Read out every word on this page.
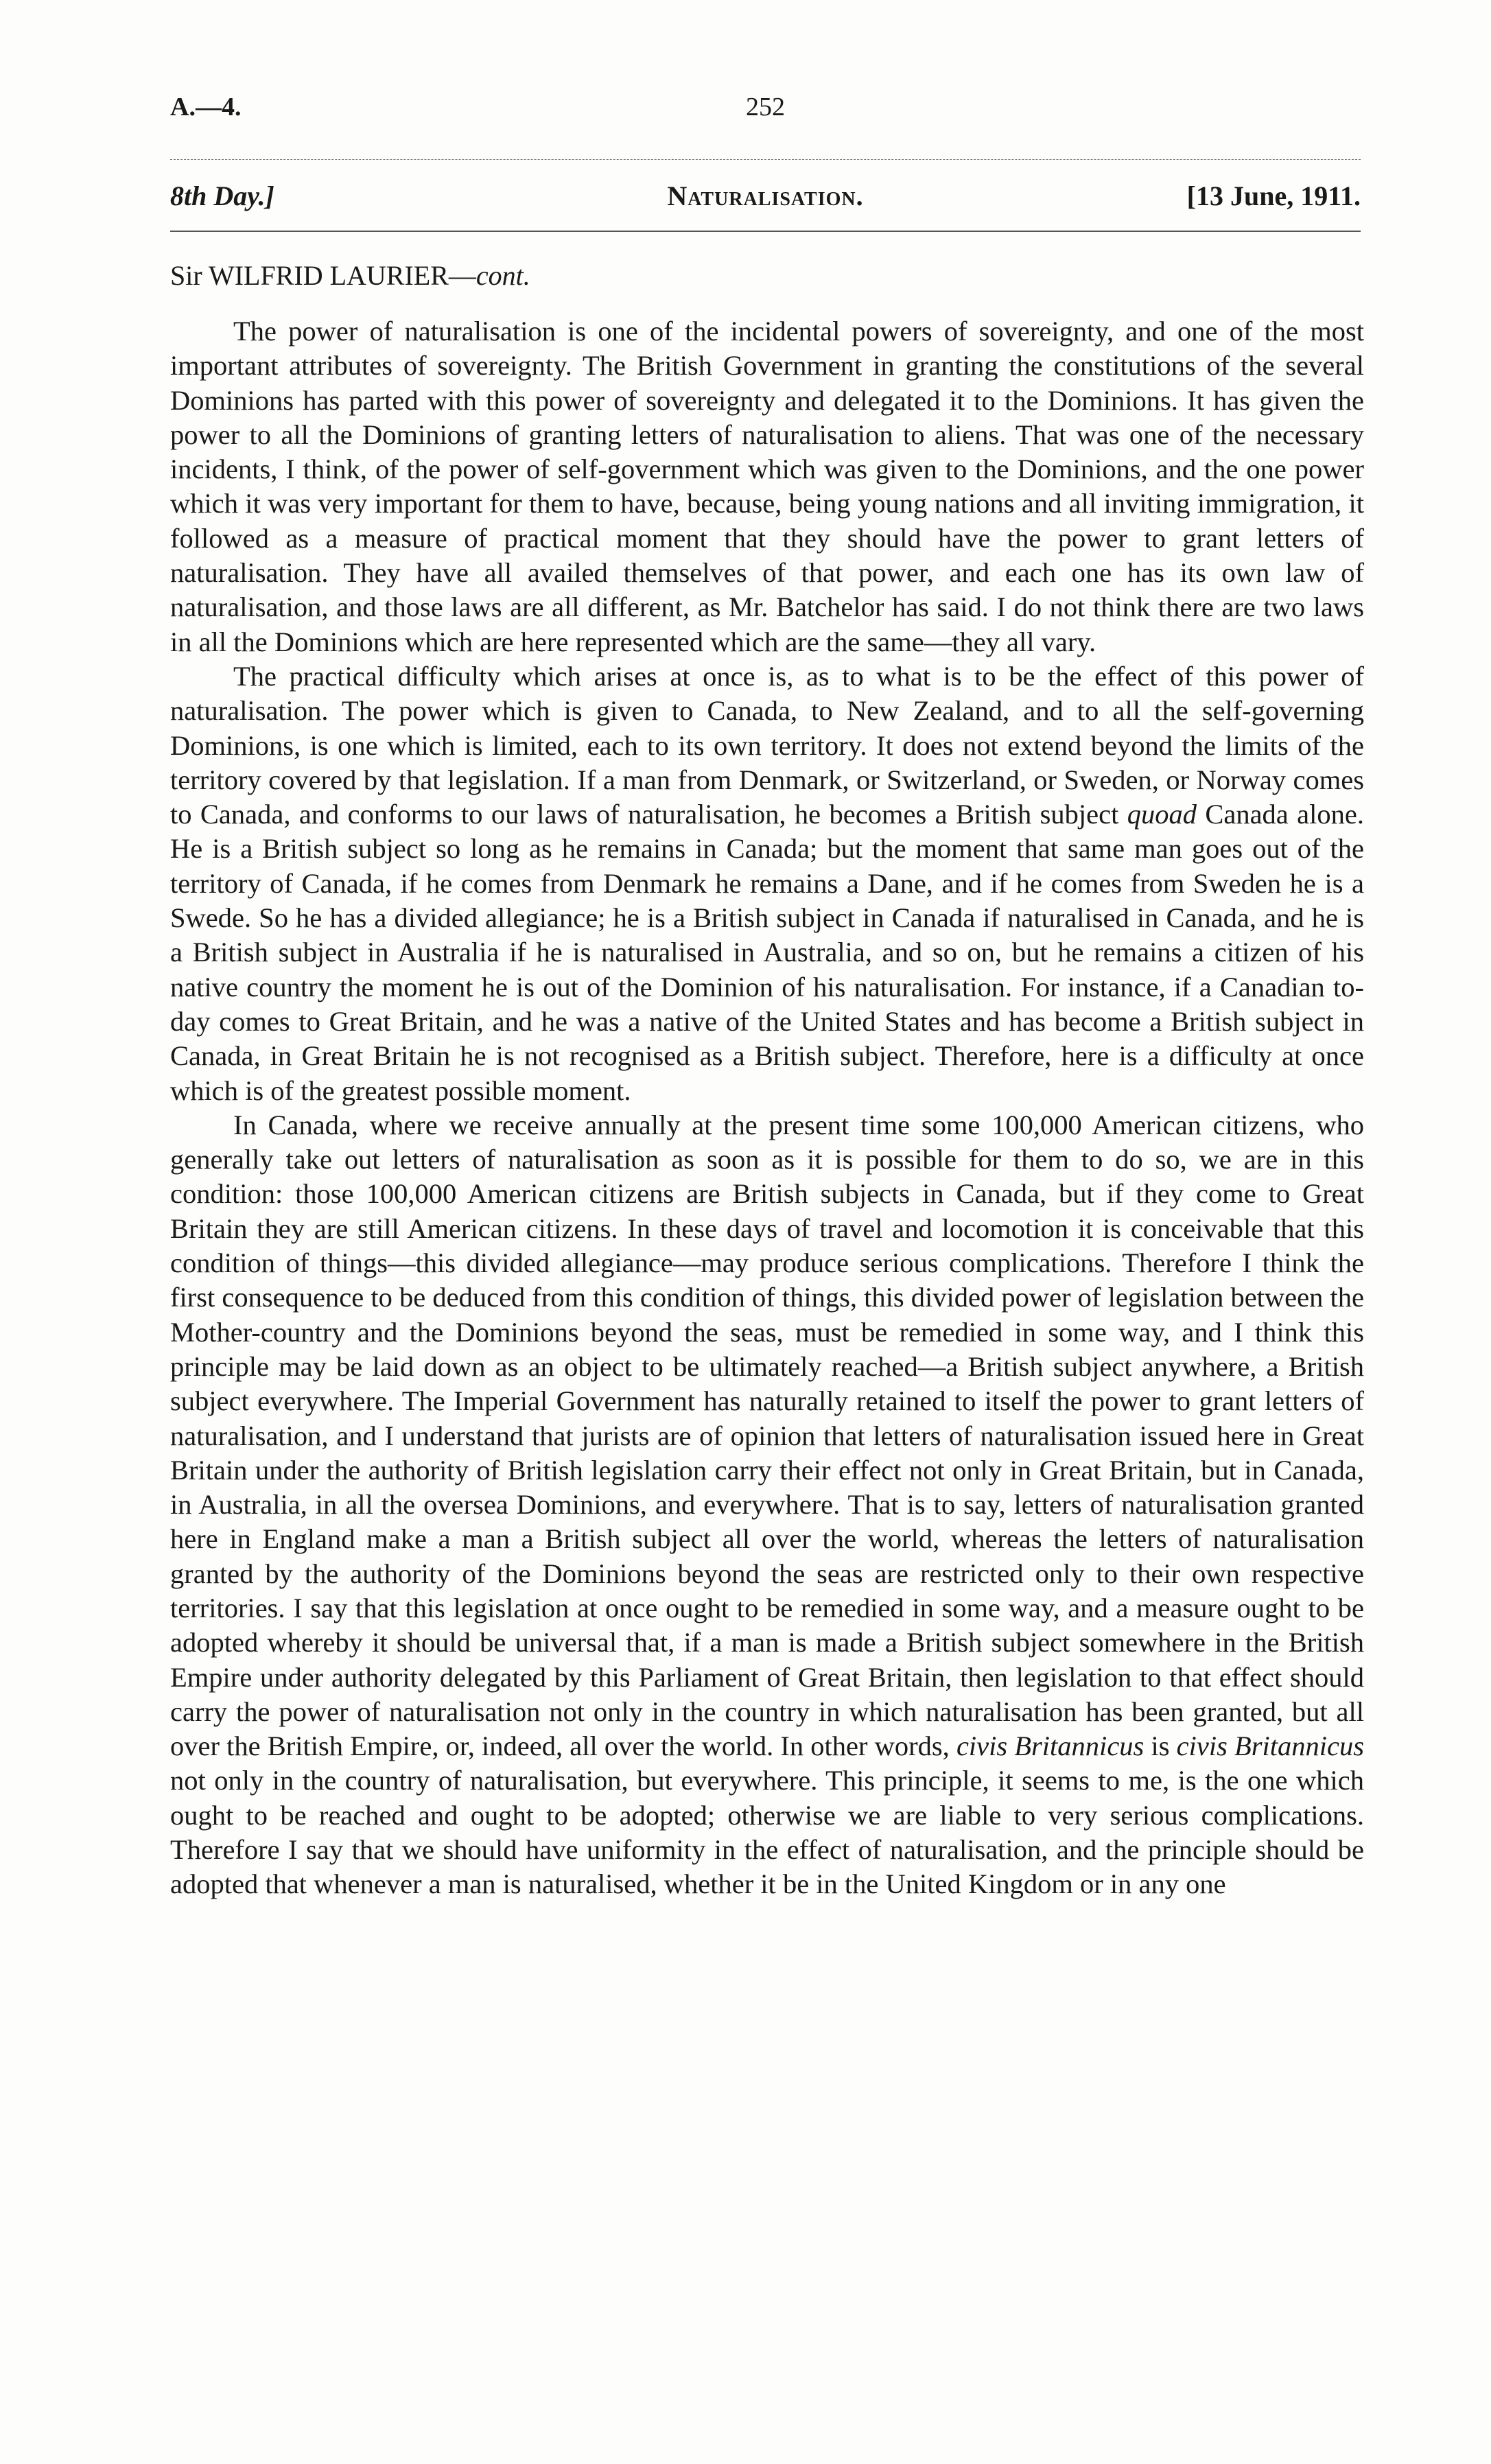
A.—4.	252
8th Day.]	Naturalisation.	[13 June, 1911.
Sir WILFRID LAURIER—cont.

The power of naturalisation is one of the incidental powers of sovereignty, and one of the most important attributes of sovereignty. The British Government in granting the constitutions of the several Dominions has parted with this power of sovereignty and delegated it to the Dominions. It has given the power to all the Dominions of granting letters of naturalisation to aliens. That was one of the necessary incidents, I think, of the power of self-government which was given to the Dominions, and the one power which it was very important for them to have, because, being young nations and all inviting immigration, it followed as a measure of practical moment that they should have the power to grant letters of naturalisation. They have all availed themselves of that power, and each one has its own law of naturalisation, and those laws are all different, as Mr. Batchelor has said. I do not think there are two laws in all the Dominions which are here represented which are the same—they all vary.

The practical difficulty which arises at once is, as to what is to be the effect of this power of naturalisation. The power which is given to Canada, to New Zealand, and to all the self-governing Dominions, is one which is limited, each to its own territory. It does not extend beyond the limits of the territory covered by that legislation. If a man from Denmark, or Switzerland, or Sweden, or Norway comes to Canada, and conforms to our laws of naturalisation, he becomes a British subject quoad Canada alone. He is a British subject so long as he remains in Canada; but the moment that same man goes out of the territory of Canada, if he comes from Denmark he remains a Dane, and if he comes from Sweden he is a Swede. So he has a divided allegiance; he is a British subject in Canada if naturalised in Canada, and he is a British subject in Australia if he is naturalised in Australia, and so on, but he remains a citizen of his native country the moment he is out of the Dominion of his naturalisation. For instance, if a Canadian to-day comes to Great Britain, and he was a native of the United States and has become a British subject in Canada, in Great Britain he is not recognised as a British subject. Therefore, here is a difficulty at once which is of the greatest possible moment.

In Canada, where we receive annually at the present time some 100,000 American citizens, who generally take out letters of naturalisation as soon as it is possible for them to do so, we are in this condition: those 100,000 American citizens are British subjects in Canada, but if they come to Great Britain they are still American citizens. In these days of travel and locomotion it is conceivable that this condition of things—this divided allegiance—may produce serious complications. Therefore I think the first consequence to be deduced from this condition of things, this divided power of legislation between the Mother-country and the Dominions beyond the seas, must be remedied in some way, and I think this principle may be laid down as an object to be ultimately reached—a British subject anywhere, a British subject everywhere. The Imperial Government has naturally retained to itself the power to grant letters of naturalisation, and I understand that jurists are of opinion that letters of naturalisation issued here in Great Britain under the authority of British legislation carry their effect not only in Great Britain, but in Canada, in Australia, in all the oversea Dominions, and everywhere. That is to say, letters of naturalisation granted here in England make a man a British subject all over the world, whereas the letters of naturalisation granted by the authority of the Dominions beyond the seas are restricted only to their own respective territories. I say that this legislation at once ought to be remedied in some way, and a measure ought to be adopted whereby it should be universal that, if a man is made a British subject somewhere in the British Empire under authority delegated by this Parliament of Great Britain, then legislation to that effect should carry the power of naturalisation not only in the country in which naturalisation has been granted, but all over the British Empire, or, indeed, all over the world. In other words, civis Britannicus is civis Britannicus not only in the country of naturalisation, but everywhere. This principle, it seems to me, is the one which ought to be reached and ought to be adopted; otherwise we are liable to very serious complications. Therefore I say that we should have uniformity in the effect of naturalisation, and the principle should be adopted that whenever a man is naturalised, whether it be in the United Kingdom or in any one
